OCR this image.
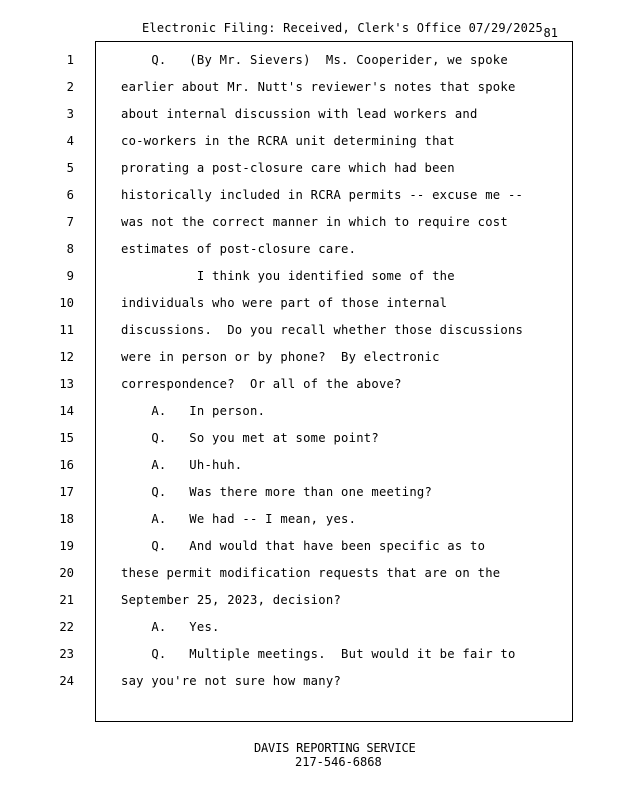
Electronic Filing: Received, Clerk's Office 07/29/2025 81
1	Q.   (By Mr. Sievers)  Ms. Cooperider, we spoke
2	earlier about Mr. Nutt's reviewer's notes that spoke
3	about internal discussion with lead workers and
4	co-workers in the RCRA unit determining that
5	prorating a post-closure care which had been
6	historically included in RCRA permits -- excuse me --
7	was not the correct manner in which to require cost
8	estimates of post-closure care.
9	I think you identified some of the
10	individuals who were part of those internal
11	discussions.  Do you recall whether those discussions
12	were in person or by phone?  By electronic
13	correspondence?  Or all of the above?
14	A.   In person.
15	Q.   So you met at some point?
16	A.   Uh-huh.
17	Q.   Was there more than one meeting?
18	A.   We had -- I mean, yes.
19	Q.   And would that have been specific as to
20	these permit modification requests that are on the
21	September 25, 2023, decision?
22	A.   Yes.
23	Q.   Multiple meetings.  But would it be fair to
24	say you're not sure how many?
DAVIS REPORTING SERVICE
217-546-6868
